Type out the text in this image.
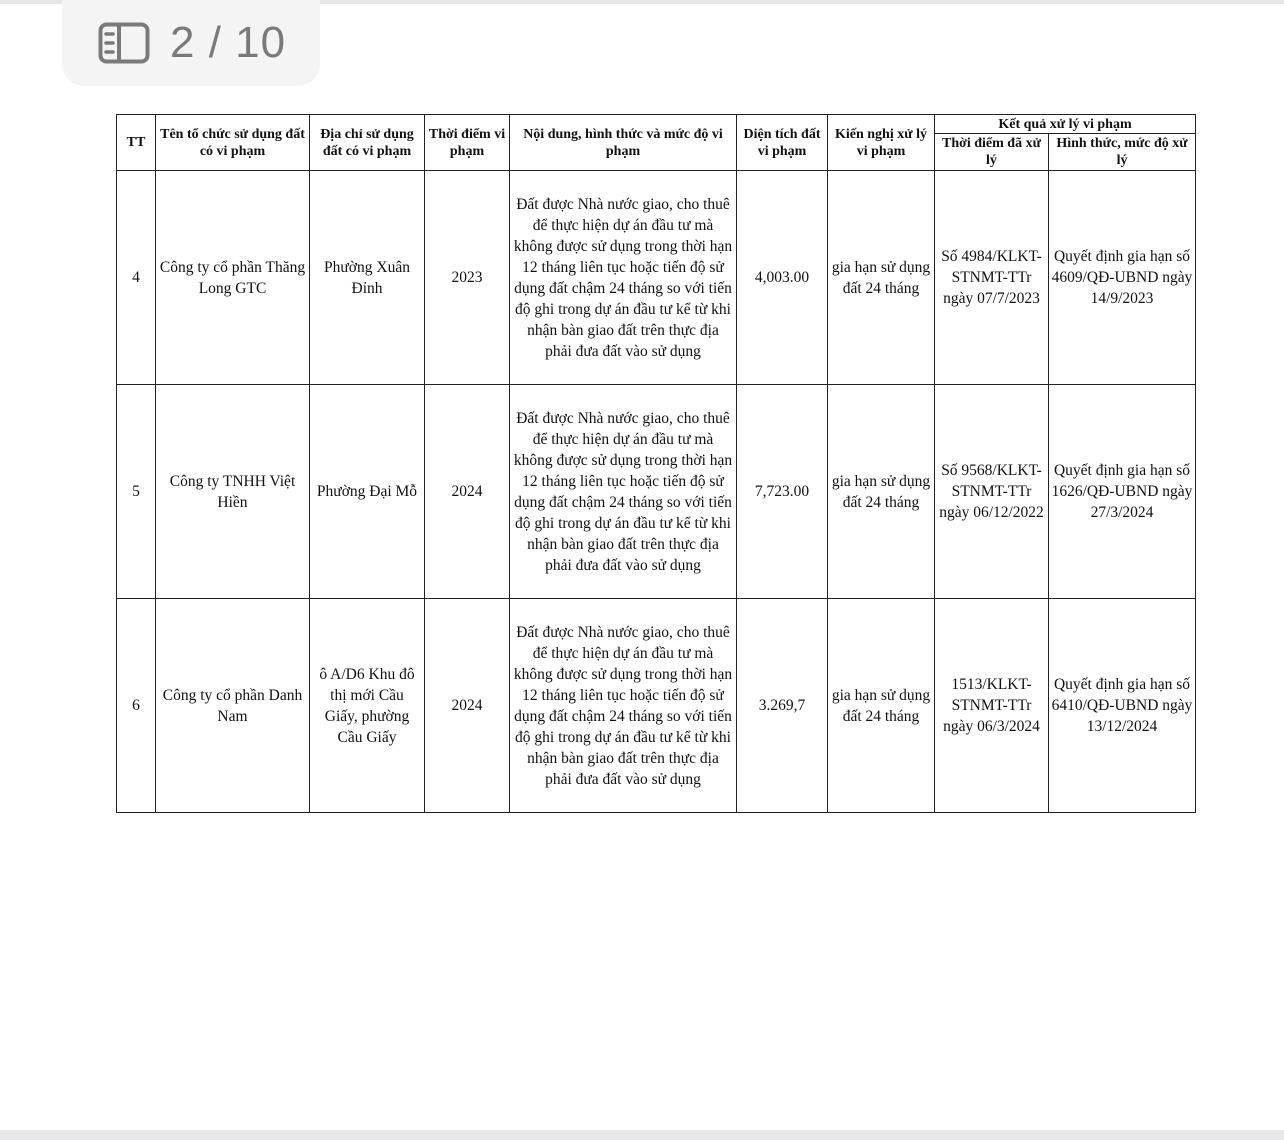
2 / 10
TT	Tên tổ chức sử dụng đất có vi phạm	Địa chỉ sử dụng đất có vi phạm	Thời điểm vi phạm	Nội dung, hình thức và mức độ vi phạm	Diện tích đất vi phạm	Kiến nghị xử lý vi phạm	Kết quả xử lý vi phạm	
							Thời điểm đã xử lý	Hình thức, mức độ xử lý
4	Công ty cổ phần Thăng Long GTC	Phường Xuân Đỉnh	2023	Đất được Nhà nước giao, cho thuê để thực hiện dự án đầu tư mà không được sử dụng trong thời hạn 12 tháng liên tục hoặc tiến độ sử dụng đất chậm 24 tháng so với tiến độ ghi trong dự án đầu tư kể từ khi nhận bàn giao đất trên thực địa phải đưa đất vào sử dụng	4,003.00	gia hạn sử dụng đất 24 tháng	Số 4984/KLKT-STNMT-TTr ngày 07/7/2023	Quyết định gia hạn số 4609/QĐ-UBND ngày 14/9/2023
5	Công ty TNHH Việt Hiền	Phường Đại Mỗ	2024	Đất được Nhà nước giao, cho thuê để thực hiện dự án đầu tư mà không được sử dụng trong thời hạn 12 tháng liên tục hoặc tiến độ sử dụng đất chậm 24 tháng so với tiến độ ghi trong dự án đầu tư kể từ khi nhận bàn giao đất trên thực địa phải đưa đất vào sử dụng	7,723.00	gia hạn sử dụng đất 24 tháng	Số 9568/KLKT-STNMT-TTr ngày 06/12/2022	Quyết định gia hạn số 1626/QĐ-UBND ngày 27/3/2024
6	Công ty cổ phần Danh Nam	ô A/D6 Khu đô thị mới Cầu Giấy, phường Cầu Giấy	2024	Đất được Nhà nước giao, cho thuê để thực hiện dự án đầu tư mà không được sử dụng trong thời hạn 12 tháng liên tục hoặc tiến độ sử dụng đất chậm 24 tháng so với tiến độ ghi trong dự án đầu tư kể từ khi nhận bàn giao đất trên thực địa phải đưa đất vào sử dụng	3.269,7	gia hạn sử dụng đất 24 tháng	1513/KLKT-STNMT-TTr ngày 06/3/2024	Quyết định gia hạn số 6410/QĐ-UBND ngày 13/12/2024
